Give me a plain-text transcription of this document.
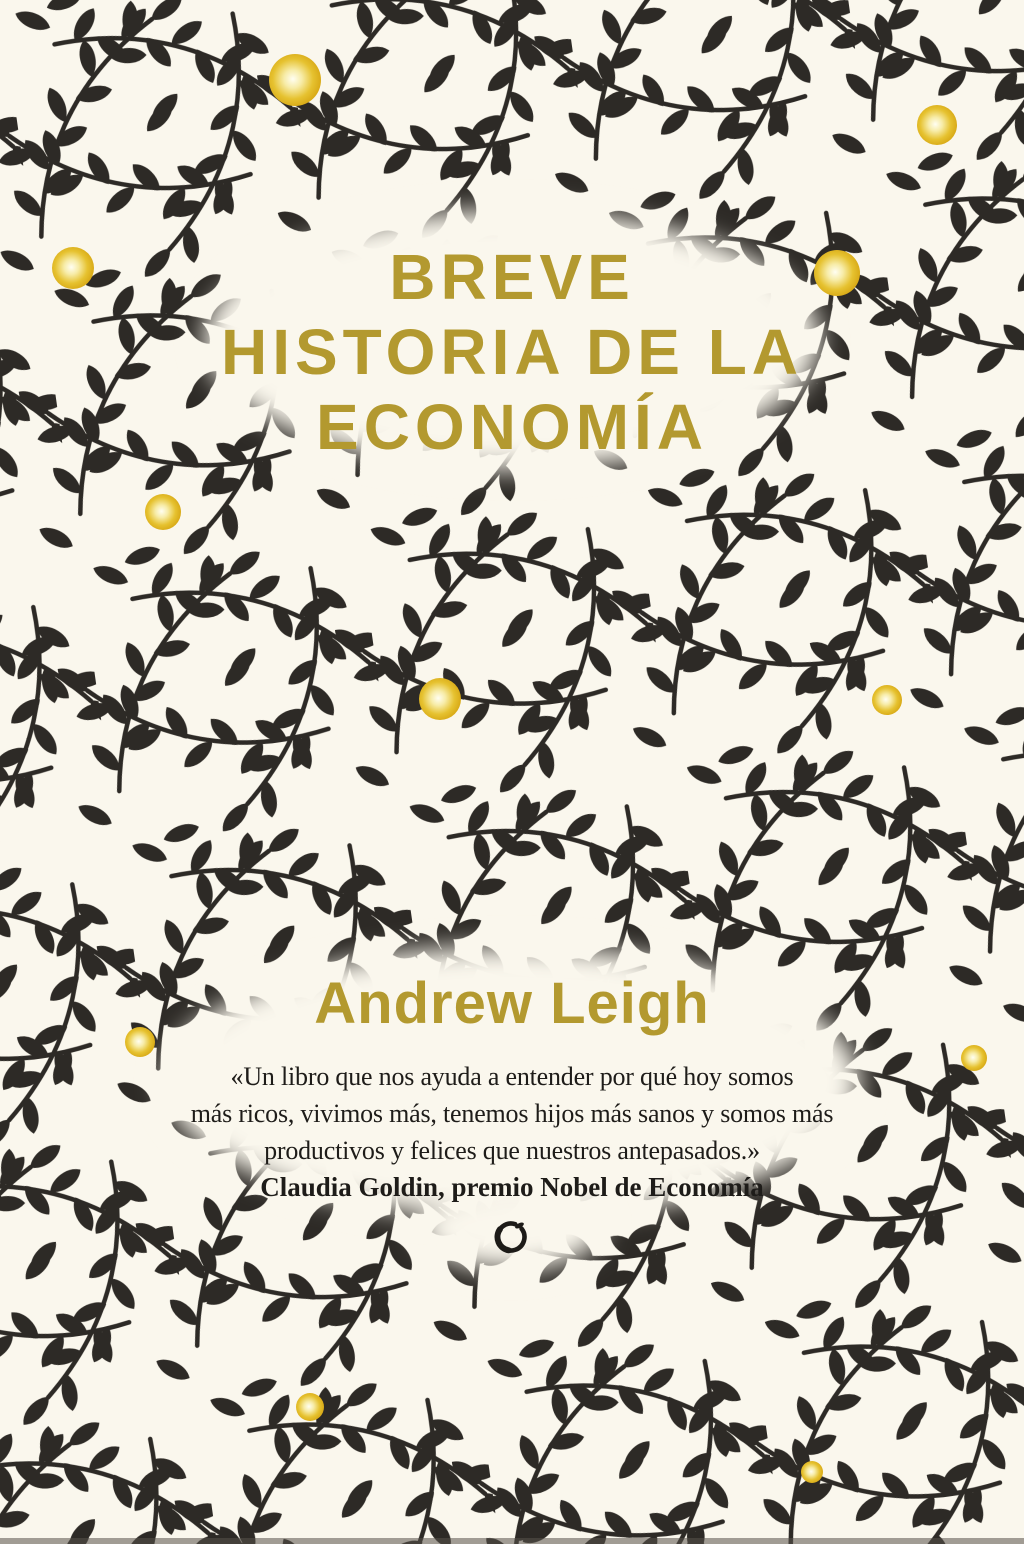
BREVE
HISTORIA DE LA
ECONOMÍA
Andrew Leigh
«Un libro que nos ayuda a entender por qué hoy somos
más ricos, vivimos más, tenemos hijos más sanos y somos más
productivos y felices que nuestros antepasados.»
Claudia Goldin, premio Nobel de Economía
